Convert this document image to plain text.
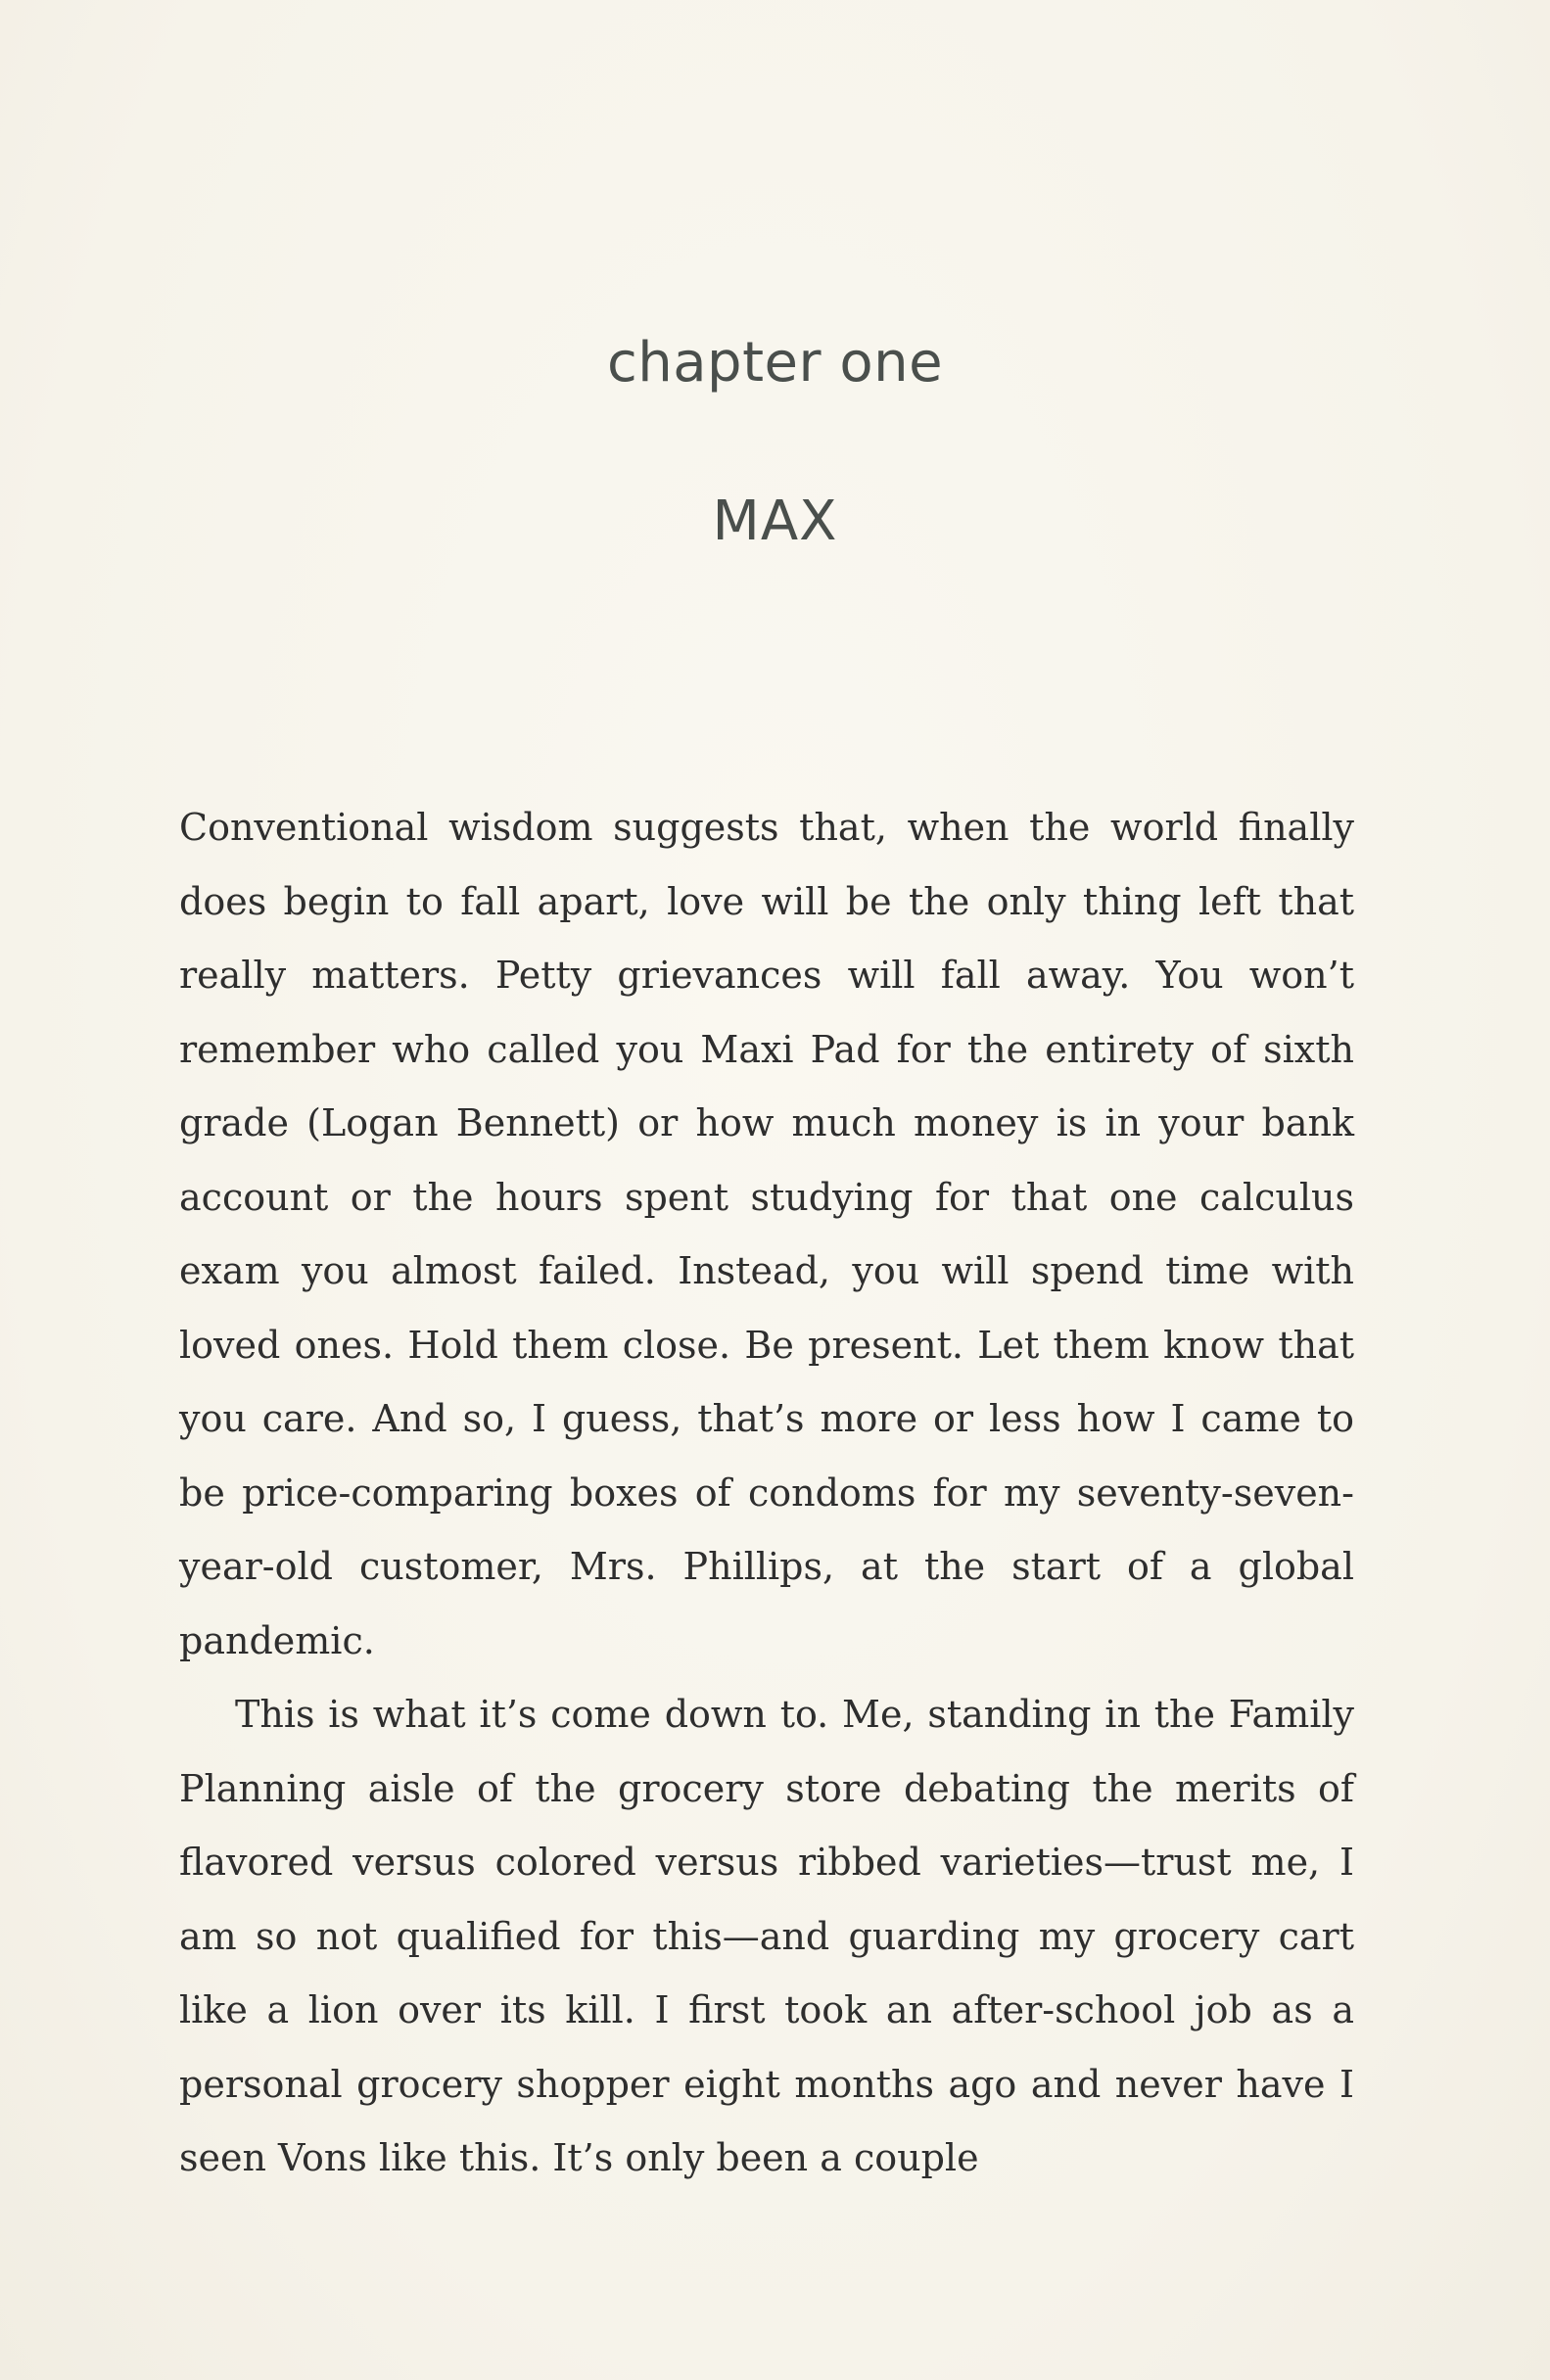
chapter one
MAX

Conventional wisdom suggests that, when the world finally does begin to fall apart, love will be the only thing left that really matters. Petty grievances will fall away. You won’t remember who called you Maxi Pad for the entirety of sixth grade (Logan Bennett) or how much money is in your bank account or the hours spent studying for that one calculus exam you almost failed. Instead, you will spend time with loved ones. Hold them close. Be present. Let them know that you care. And so, I guess, that’s more or less how I came to be price-comparing boxes of condoms for my seventy-seven-year-old customer, Mrs. Phillips, at the start of a global pandemic.

This is what it’s come down to. Me, standing in the Family Planning aisle of the grocery store debating the merits of flavored versus colored versus ribbed varieties—trust me, I am so not qualified for this—and guarding my grocery cart like a lion over its kill. I first took an after-school job as a personal grocery shopper eight months ago and never have I seen Vons like this. It’s only been a couple
